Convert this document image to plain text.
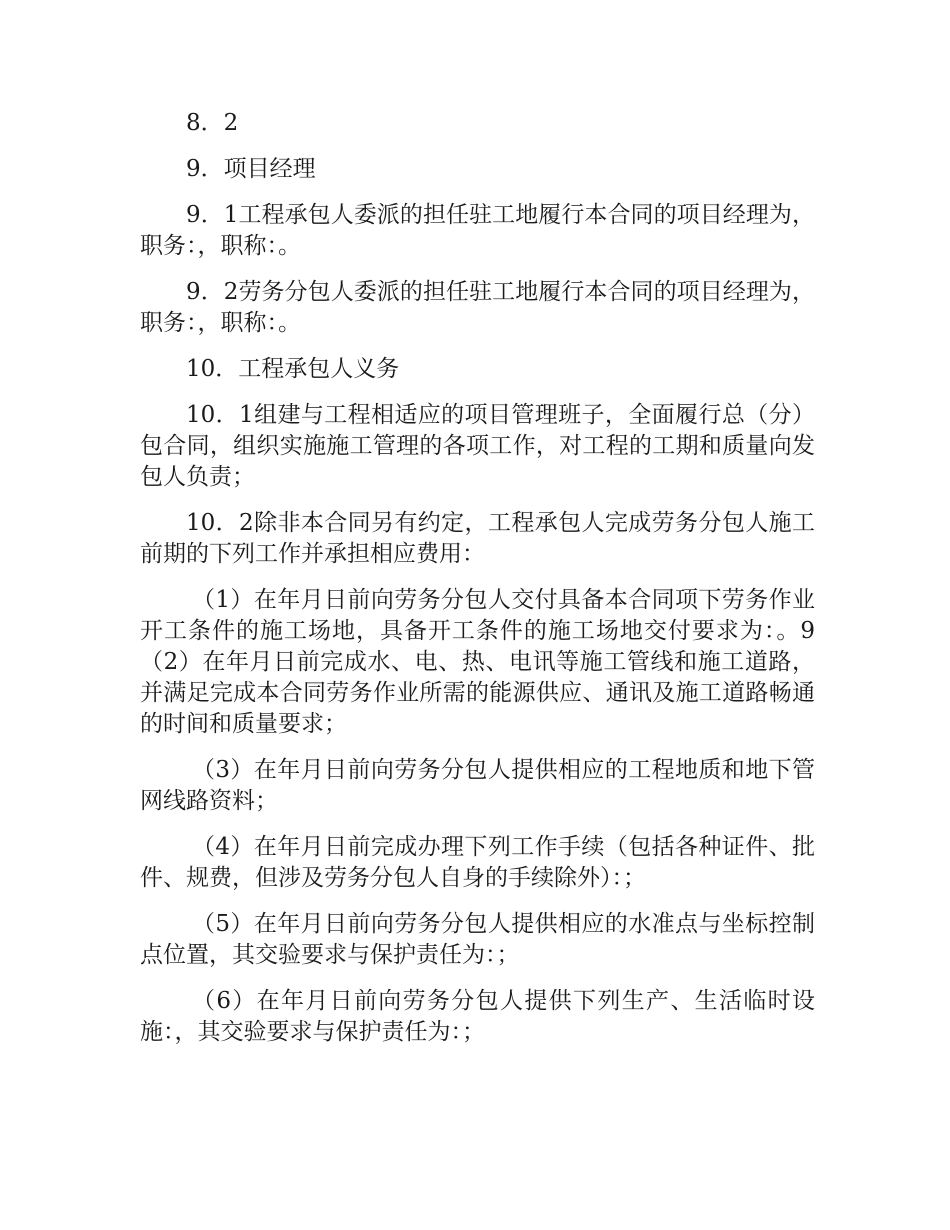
8．2

9．项目经理

9．1工程承包人委派的担任驻工地履行本合同的项目经理为，职务：，职称：。

9．2劳务分包人委派的担任驻工地履行本合同的项目经理为，职务：，职称：。

10．工程承包人义务

10．1组建与工程相适应的项目管理班子，全面履行总（分）包合同，组织实施施工管理的各项工作，对工程的工期和质量向发包人负责；

10．2除非本合同另有约定，工程承包人完成劳务分包人施工前期的下列工作并承担相应费用：

（1）在年月日前向劳务分包人交付具备本合同项下劳务作业开工条件的施工场地，具备开工条件的施工场地交付要求为：。9（2）在年月日前完成水、电、热、电讯等施工管线和施工道路，并满足完成本合同劳务作业所需的能源供应、通讯及施工道路畅通的时间和质量要求；

（3）在年月日前向劳务分包人提供相应的工程地质和地下管网线路资料；

（4）在年月日前完成办理下列工作手续（包括各种证件、批件、规费，但涉及劳务分包人自身的手续除外）：；

（5）在年月日前向劳务分包人提供相应的水准点与坐标控制点位置，其交验要求与保护责任为：；

（6）在年月日前向劳务分包人提供下列生产、生活临时设施：，其交验要求与保护责任为：；
